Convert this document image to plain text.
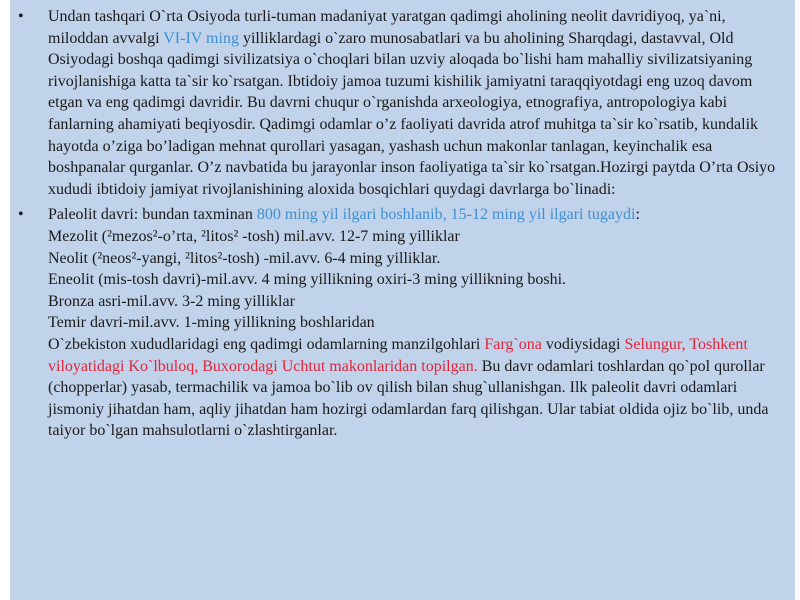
• Undan tashqari O`rta Osiyoda turli-tuman madaniyat yaratgan qadimgi aholining neolit davridiyoq, ya`ni, miloddan avvalgi VI-IV ming yilliklardagi o`zaro munosabatlari va bu aholining Sharqdagi, dastavval, Old Osiyodagi boshqa qadimgi sivilizatsiya o`choqlari bilan uzviy aloqada bo`lishi ham mahalliy sivilizatsiyaning rivojlanishiga katta ta`sir ko`rsatgan. Ibtidoiy jamoa tuzumi kishilik jamiyatni taraqqiyotdagi eng uzoq davom etgan va eng qadimgi davridir. Bu davrni chuqur o`rganishda arxeologiya, etnografiya, antropologiya kabi fanlarning ahamiyati beqiyosdir. Qadimgi odamlar o’z faoliyati davrida atrof muhitga ta`sir ko`rsatib, kundalik hayotda o’ziga bo’ladigan mehnat qurollari yasagan, yashash uchun makonlar tanlagan, keyinchalik esa boshpanalar qurganlar. O’z navbatida bu jarayonlar inson faoliyatiga ta`sir ko`rsatgan.Hozirgi paytda O’rta Osiyo xududi ibtidoiy jamiyat rivojlanishining aloxida bosqichlari quydagi davrlarga bo`linadi:

• Paleolit davri: bundan taxminan 800 ming yil ilgari boshlanib, 15-12 ming yil ilgari tugaydi:
Mezolit (²mezos²-o’rta, ²litos² -tosh) mil.avv. 12-7 ming yilliklar
Neolit (²neos²-yangi, ²litos²-tosh) -mil.avv. 6-4 ming yilliklar.
Eneolit (mis-tosh davri)-mil.avv. 4 ming yillikning oxiri-3 ming yillikning boshi.
Bronza asri-mil.avv. 3-2 ming yilliklar
Temir davri-mil.avv. 1-ming yillikning boshlaridan
O`zbekiston xududlaridagi eng qadimgi odamlarning manzilgohlari Farg`ona vodiysidagi Selungur, Toshkent viloyatidagi Ko`lbuloq, Buxorodagi Uchtut makonlaridan topilgan. Bu davr odamlari toshlardan qo`pol qurollar (chopperlar) yasab, termachilik va jamoa bo`lib ov qilish bilan shug`ullanishgan. Ilk paleolit davri odamlari jismoniy jihatdan ham, aqliy jihatdan ham hozirgi odamlardan farq qilishgan. Ular tabiat oldida ojiz bo`lib, unda taiyor bo`lgan mahsulotlarni o`zlashtirganlar.
